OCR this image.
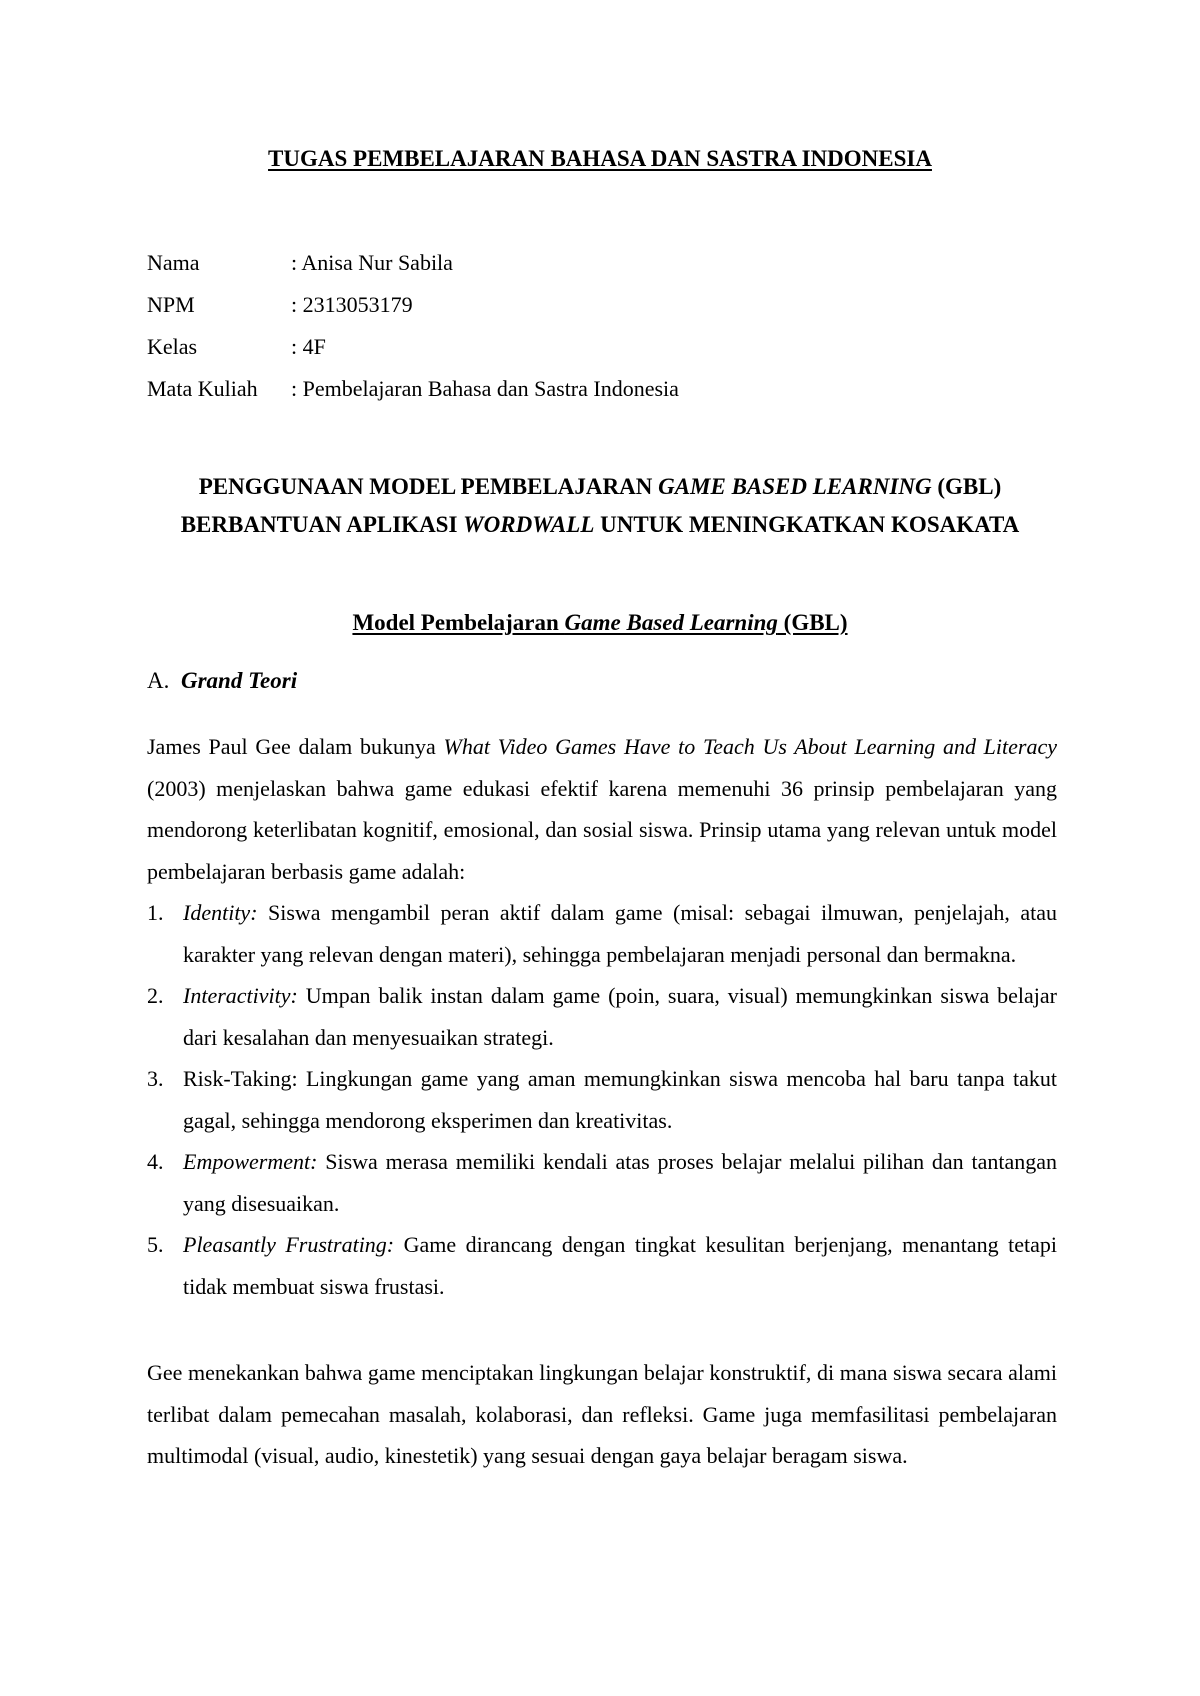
TUGAS PEMBELAJARAN BAHASA DAN SASTRA INDONESIA
Nama	: Anisa Nur Sabila
NPM	: 2313053179
Kelas	: 4F
Mata Kuliah : Pembelajaran Bahasa dan Sastra Indonesia
PENGGUNAAN MODEL PEMBELAJARAN GAME BASED LEARNING (GBL)
BERBANTUAN APLIKASI WORDWALL UNTUK MENINGKATKAN KOSAKATA
Model Pembelajaran Game Based Learning (GBL)
A. Grand Teori
James Paul Gee dalam bukunya What Video Games Have to Teach Us About Learning and Literacy (2003) menjelaskan bahwa game edukasi efektif karena memenuhi 36 prinsip pembelajaran yang mendorong keterlibatan kognitif, emosional, dan sosial siswa. Prinsip utama yang relevan untuk model pembelajaran berbasis game adalah:
1. Identity: Siswa mengambil peran aktif dalam game (misal: sebagai ilmuwan, penjelajah, atau karakter yang relevan dengan materi), sehingga pembelajaran menjadi personal dan bermakna.
2. Interactivity: Umpan balik instan dalam game (poin, suara, visual) memungkinkan siswa belajar dari kesalahan dan menyesuaikan strategi.
3. Risk-Taking: Lingkungan game yang aman memungkinkan siswa mencoba hal baru tanpa takut gagal, sehingga mendorong eksperimen dan kreativitas.
4. Empowerment: Siswa merasa memiliki kendali atas proses belajar melalui pilihan dan tantangan yang disesuaikan.
5. Pleasantly Frustrating: Game dirancang dengan tingkat kesulitan berjenjang, menantang tetapi tidak membuat siswa frustasi.
Gee menekankan bahwa game menciptakan lingkungan belajar konstruktif, di mana siswa secara alami terlibat dalam pemecahan masalah, kolaborasi, dan refleksi. Game juga memfasilitasi pembelajaran multimodal (visual, audio, kinestetik) yang sesuai dengan gaya belajar beragam siswa.
